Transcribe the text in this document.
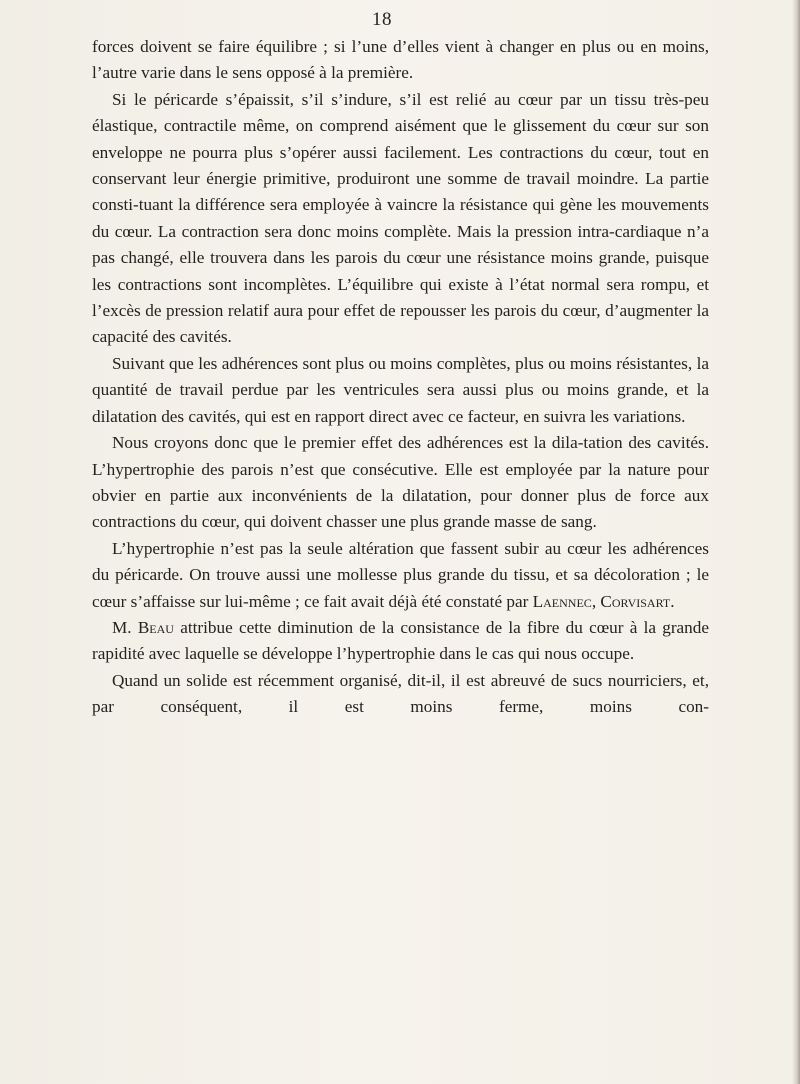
18

forces doivent se faire équilibre ; si l’une d’elles vient à changer en plus ou en moins, l’autre varie dans le sens opposé à la première.

Si le péricarde s’épaissit, s’il s’indure, s’il est relié au cœur par un tissu très-peu élastique, contractile même, on comprend aisément que le glissement du cœur sur son enveloppe ne pourra plus s’opérer aussi facilement. Les contractions du cœur, tout en conservant leur énergie primitive, produiront une somme de travail moindre. La partie consti-tuant la différence sera employée à vaincre la résistance qui gène les mouvements du cœur. La contraction sera donc moins complète. Mais la pression intra-cardiaque n’a pas changé, elle trouvera dans les parois du cœur une résistance moins grande, puisque les contractions sont incomplètes. L’équilibre qui existe à l’état normal sera rompu, et l’excès de pression relatif aura pour effet de repousser les parois du cœur, d’augmenter la capacité des cavités.

Suivant que les adhérences sont plus ou moins complètes, plus ou moins résistantes, la quantité de travail perdue par les ventricules sera aussi plus ou moins grande, et la dilatation des cavités, qui est en rapport direct avec ce facteur, en suivra les variations.

Nous croyons donc que le premier effet des adhérences est la dila-tation des cavités. L’hypertrophie des parois n’est que consécutive. Elle est employée par la nature pour obvier en partie aux inconvénients de la dilatation, pour donner plus de force aux contractions du cœur, qui doivent chasser une plus grande masse de sang.

L’hypertrophie n’est pas la seule altération que fassent subir au cœur les adhérences du péricarde. On trouve aussi une mollesse plus grande du tissu, et sa décoloration ; le cœur s’affaisse sur lui-même ; ce fait avait déjà été constaté par Laennec, Corvisart.

M. Beau attribue cette diminution de la consistance de la fibre du cœur à la grande rapidité avec laquelle se développe l’hypertrophie dans le cas qui nous occupe.

Quand un solide est récemment organisé, dit-il, il est abreuvé de sucs nourriciers, et, par conséquent, il est moins ferme, moins con-
